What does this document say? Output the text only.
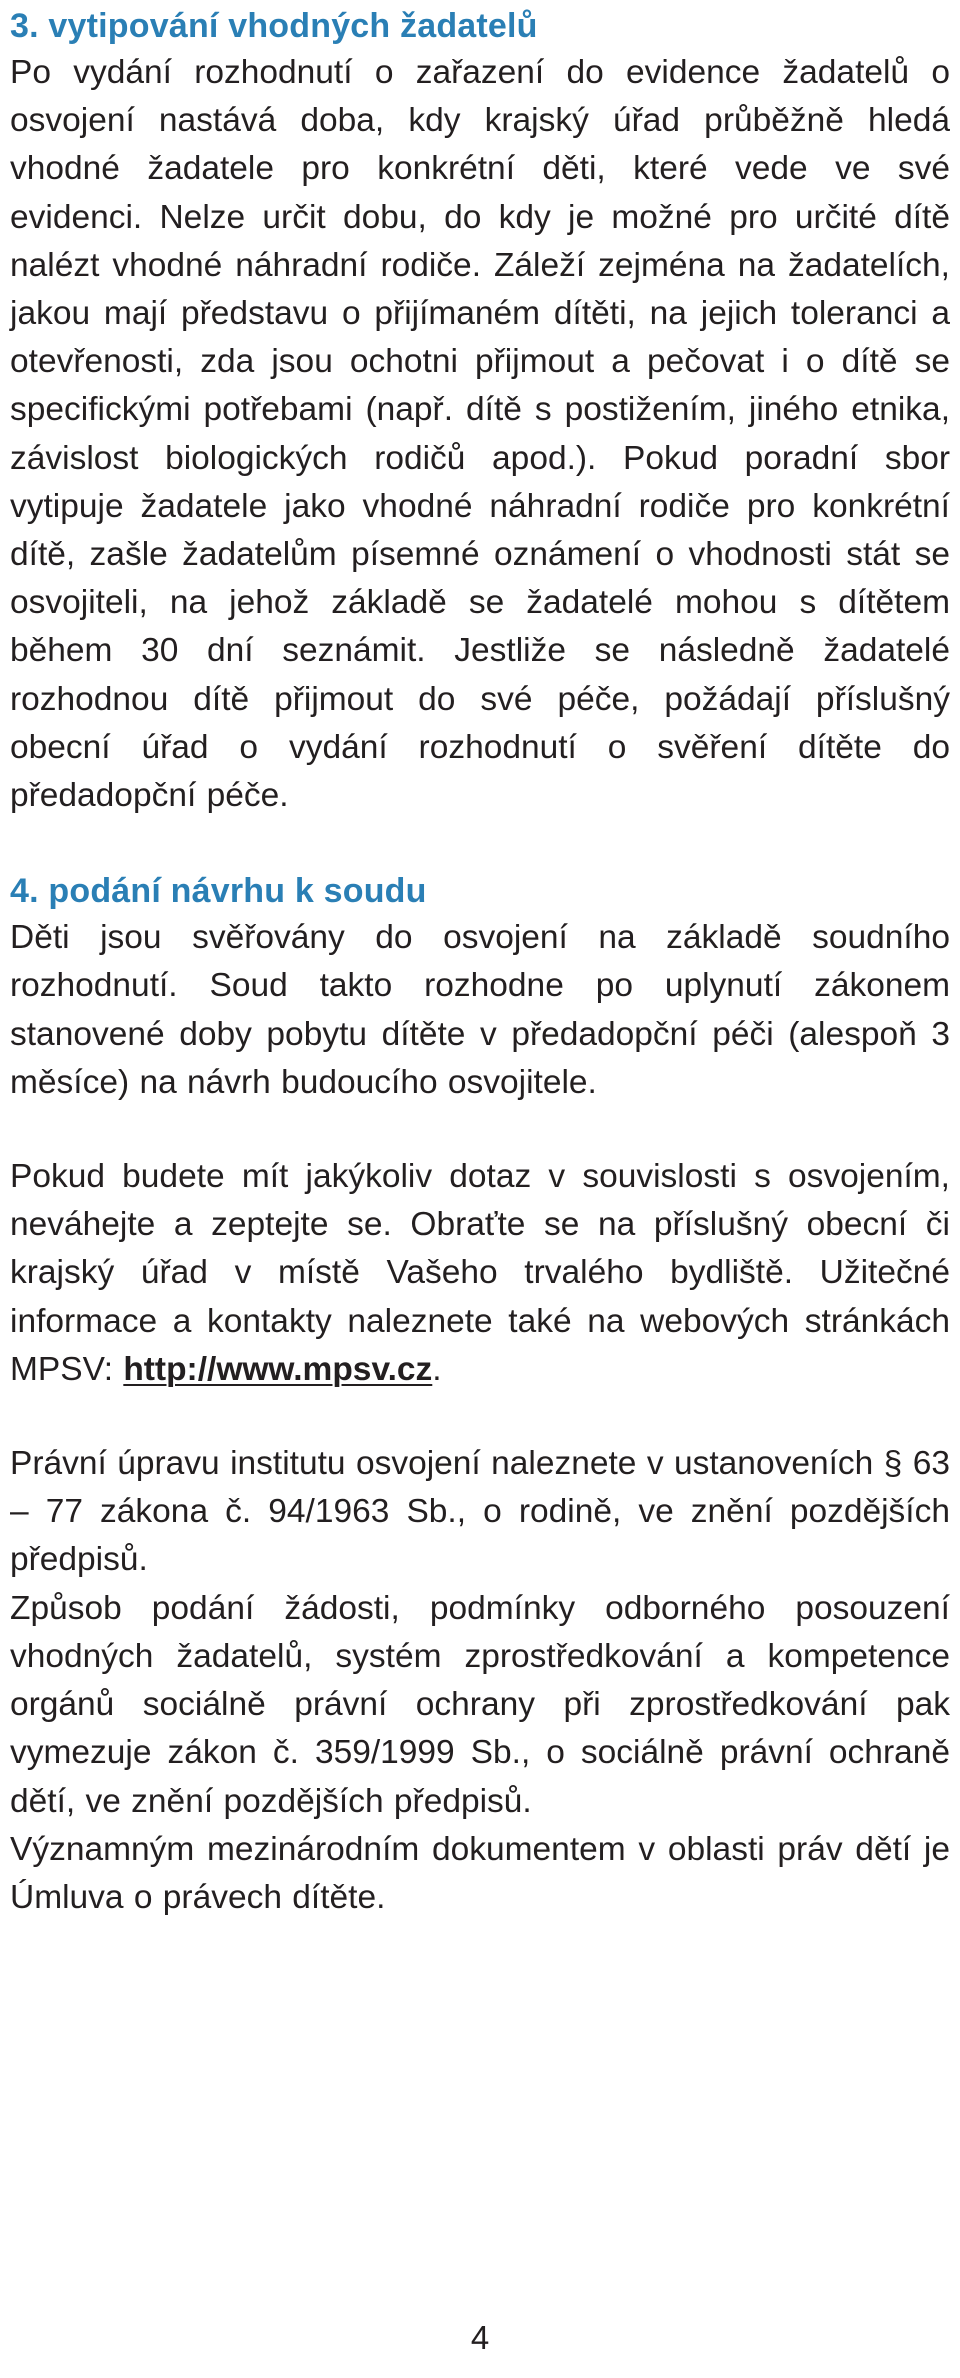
3. vytipování vhodných žadatelů

Po vydání rozhodnutí o zařazení do evidence žadatelů o osvojení nastává doba, kdy krajský úřad průběžně hledá vhodné žadatele pro konkrétní děti, které vede ve své evidenci. Nelze určit dobu, do kdy je možné pro určité dítě nalézt vhodné náhradní rodiče. Záleží zejména na žadatelích, jakou mají představu o přijímaném dítěti, na jejich toleranci a otevřenosti, zda jsou ochotni přijmout a pečovat i o dítě se specifickými potřebami (např. dítě s postižením, jiného etnika, závislost biologických rodičů apod.). Pokud poradní sbor vytipuje žadatele jako vhodné náhradní rodiče pro konkrétní dítě, zašle žadatelům písemné oznámení o vhodnosti stát se osvojiteli, na jehož základě se žadatelé mohou s dítětem během 30 dní seznámit. Jestliže se následně žadatelé rozhodnou dítě přijmout do své péče, požádají příslušný obecní úřad o vydání rozhodnutí o svěření dítěte do předadopční péče.

4. podání návrhu k soudu

Děti jsou svěřovány do osvojení na základě soudního rozhodnutí. Soud takto rozhodne po uplynutí zákonem stanovené doby pobytu dítěte v předadopční péči (alespoň 3 měsíce) na návrh budoucího osvojitele.

Pokud budete mít jakýkoliv dotaz v souvislosti s osvojením, neváhejte a zeptejte se. Obraťte se na příslušný obecní či krajský úřad v místě Vašeho trvalého bydliště. Užitečné informace a kontakty naleznete také na webových stránkách MPSV: http://www.mpsv.cz.

Právní úpravu institutu osvojení naleznete v ustanoveních § 63 – 77 zákona č. 94/1963 Sb., o rodině, ve znění pozdějších předpisů.

Způsob podání žádosti, podmínky odborného posouzení vhodných žadatelů, systém zprostředkování a kompetence orgánů sociálně právní ochrany při zprostředkování pak vymezuje zákon č. 359/1999 Sb., o sociálně právní ochraně dětí, ve znění pozdějších předpisů.

Významným mezinárodním dokumentem v oblasti práv dětí je Úmluva o právech dítěte.

4
